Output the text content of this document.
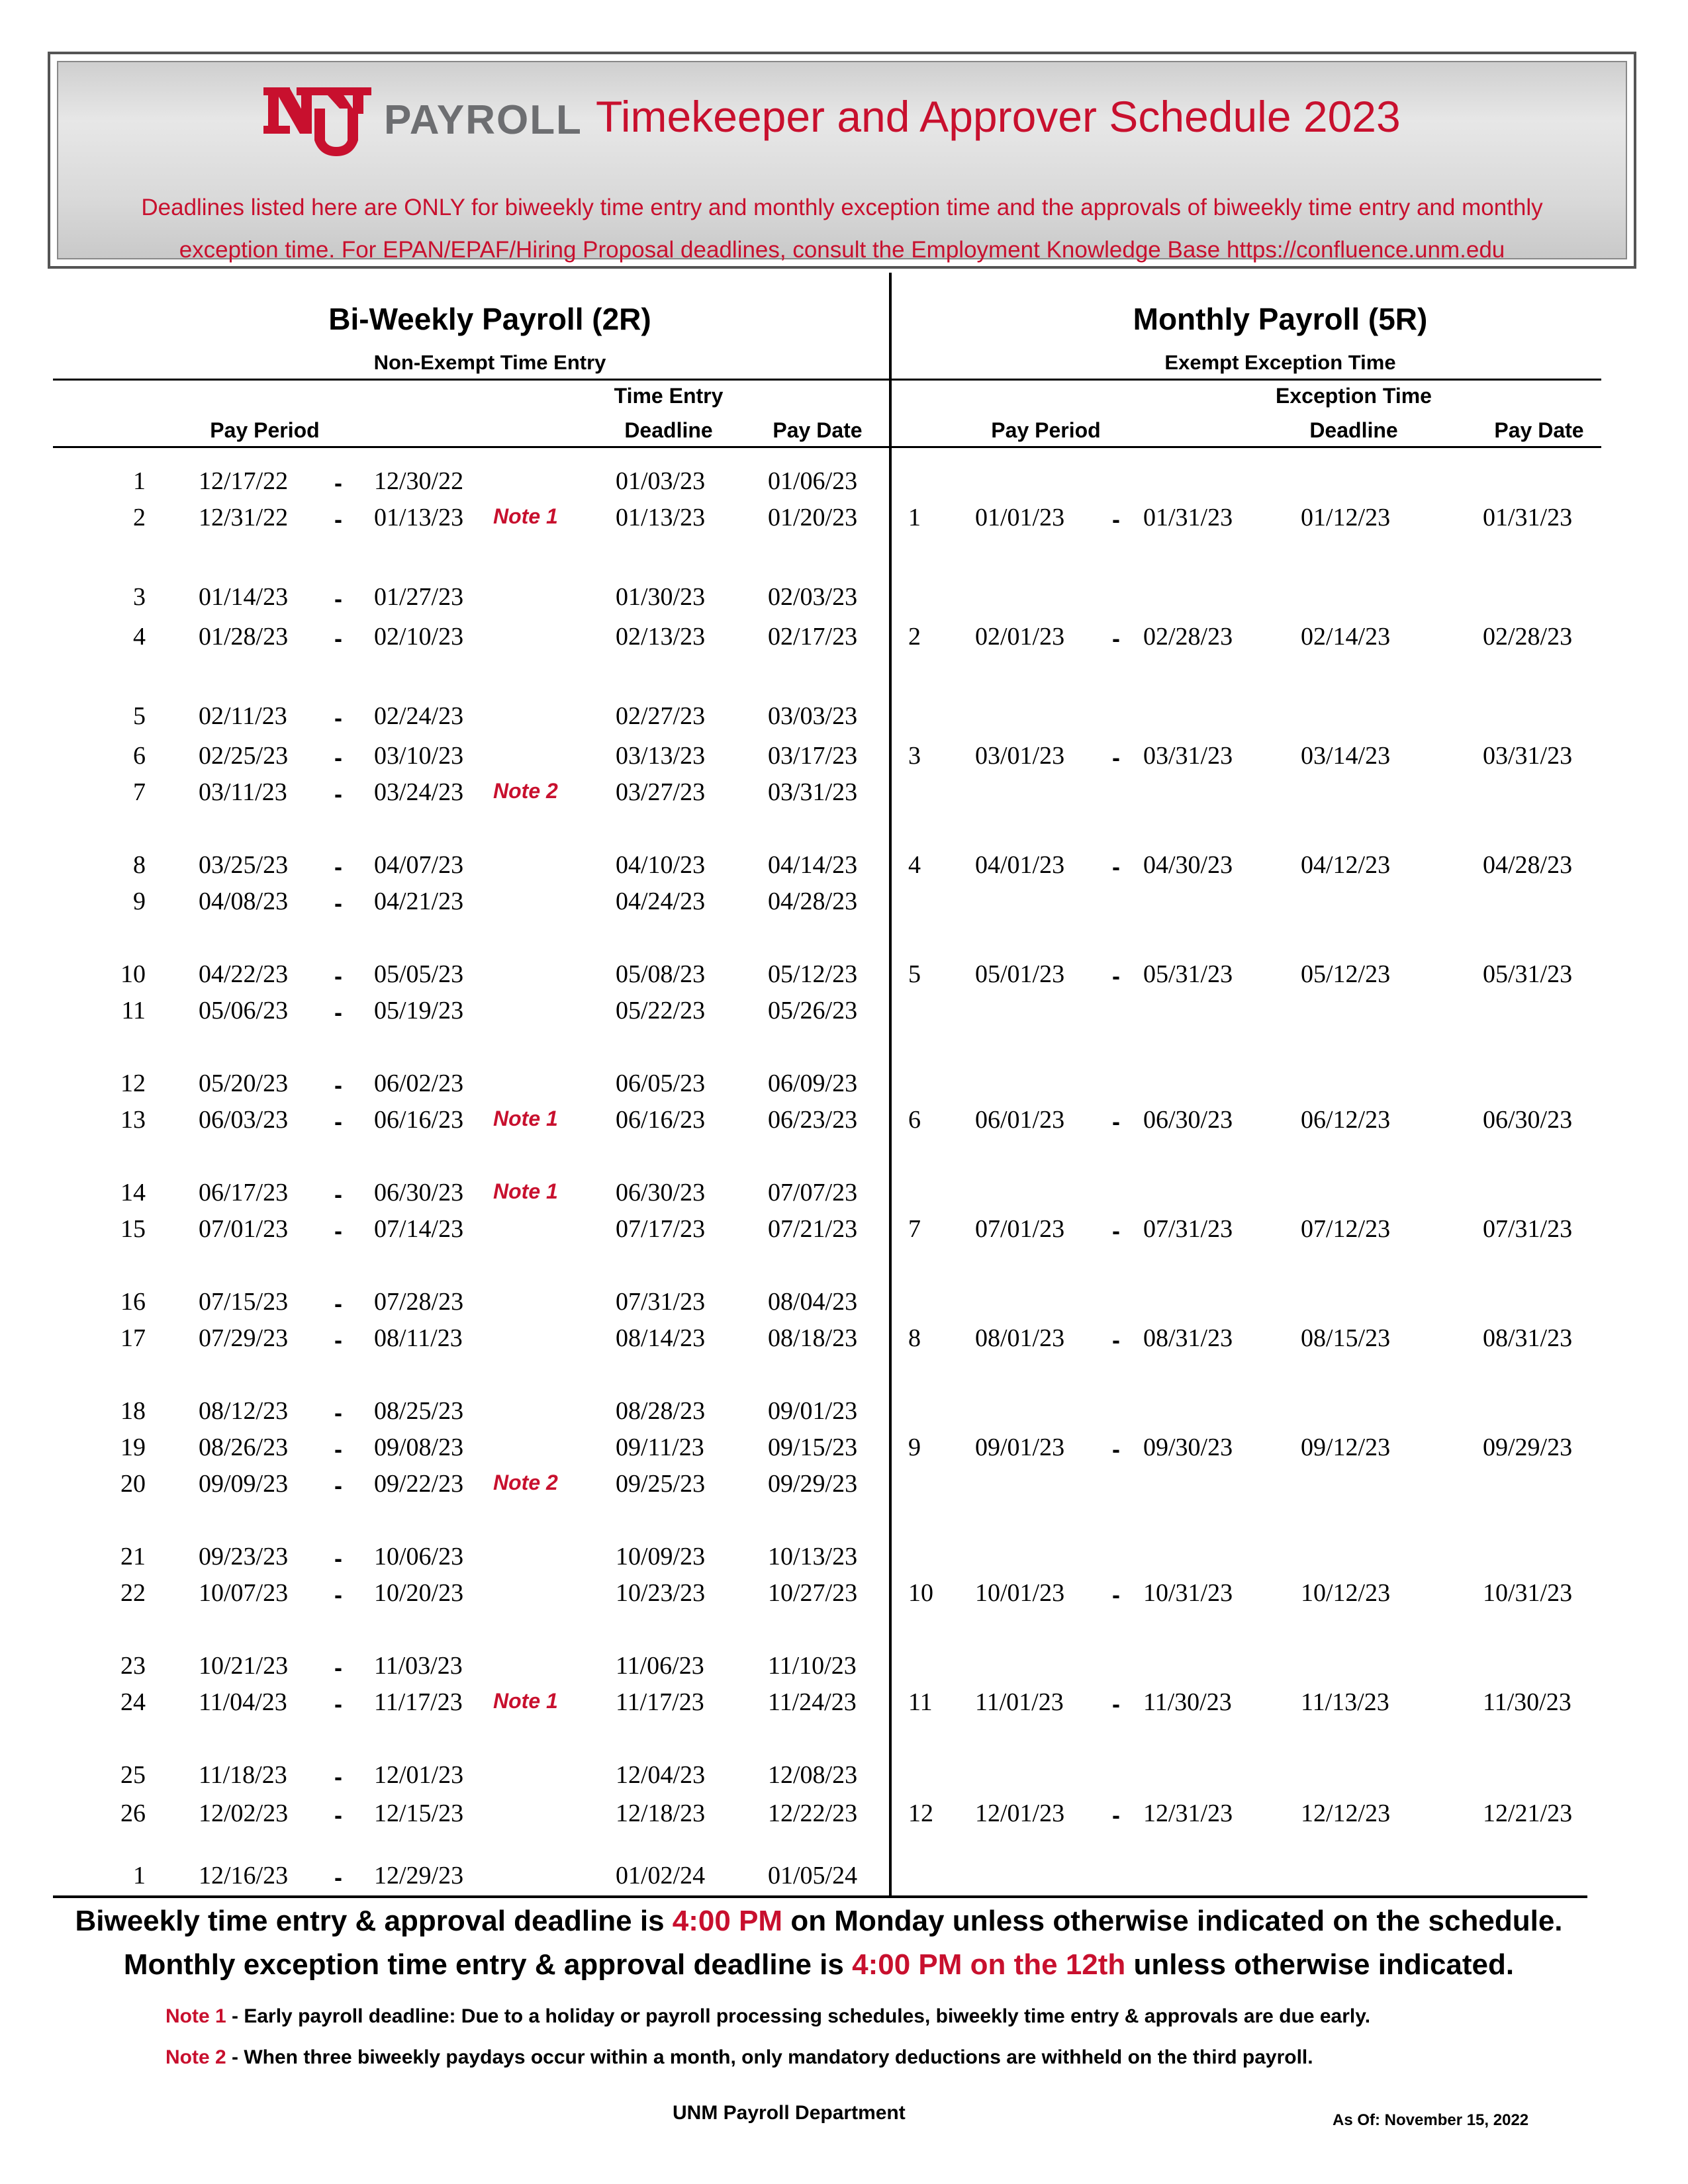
PAYROLL Timekeeper and Approver Schedule 2023
Deadlines listed here are ONLY for biweekly time entry and monthly exception time and the approvals of biweekly time entry and monthly
exception time. For EPAN/EPAF/Hiring Proposal deadlines, consult the Employment Knowledge Base https://confluence.unm.edu
Bi-Weekly Payroll (2R)
Non-Exempt Time Entry
Monthly Payroll (5R)
Exempt Exception Time
Pay Period
Time Entry
Deadline	Pay Date	Pay Period
Exception Time
Deadline	Pay Date
1 12/17/22 - 12/30/22	01/03/23 01/06/23
2 12/31/22 - 01/13/23 Note 1 01/13/23 01/20/23
3 01/14/23 - 01/27/23	01/30/23 02/03/23
4 01/28/23 - 02/10/23	02/13/23 02/17/23
5 02/11/23 - 02/24/23	02/27/23 03/03/23
6 02/25/23 - 03/10/23	03/13/23 03/17/23
7 03/11/23 - 03/24/23 Note 2 03/27/23 03/31/23
8 03/25/23 - 04/07/23	04/10/23 04/14/23
9 04/08/23 - 04/21/23	04/24/23 04/28/23
10 04/22/23 - 05/05/23	05/08/23 05/12/23
11 05/06/23 - 05/19/23	05/22/23 05/26/23
12 05/20/23 - 06/02/23	06/05/23 06/09/23
13 06/03/23 - 06/16/23 Note 1 06/16/23 06/23/23
14 06/17/23 - 06/30/23 Note 1 06/30/23 07/07/23
15 07/01/23 - 07/14/23	07/17/23 07/21/23
16 07/15/23 - 07/28/23	07/31/23 08/04/23
17 07/29/23 - 08/11/23	08/14/23 08/18/23
18 08/12/23 - 08/25/23	08/28/23 09/01/23
19 08/26/23 - 09/08/23	09/11/23	09/15/23
20 09/09/23 - 09/22/23 Note 2 09/25/23 09/29/23
21 09/23/23 - 10/06/23	10/09/23 10/13/23
22 10/07/23 - 10/20/23	10/23/23 10/27/23
23 10/21/23 - 11/03/23	11/06/23	11/10/23
24 11/04/23 - 11/17/23 Note 1 11/17/23	11/24/23
25 11/18/23 - 12/01/23	12/04/23 12/08/23
26 12/02/23 - 12/15/23	12/18/23 12/22/23
1 12/16/23 - 12/29/23	01/02/24 01/05/24
1 01/01/23 - 01/31/23	01/12/23	01/31/23
2 02/01/23 - 02/28/23	02/14/23	02/28/23
3 03/01/23 - 03/31/23	03/14/23	03/31/23
4 04/01/23 - 04/30/23	04/12/23	04/28/23
5 05/01/23 - 05/31/23	05/12/23	05/31/23
6 06/01/23 - 06/30/23	06/12/23	06/30/23
7 07/01/23 - 07/31/23	07/12/23	07/31/23
8 08/01/23 - 08/31/23	08/15/23	08/31/23
9 09/01/23 - 09/30/23	09/12/23	09/29/23
10 10/01/23 - 10/31/23	10/12/23	10/31/23
11 11/01/23 - 11/30/23	11/13/23	11/30/23
12 12/01/23 - 12/31/23	12/12/23	12/21/23
Biweekly time entry & approval deadline is 4:00 PM on Monday unless otherwise indicated on the schedule.
Monthly exception time entry & approval deadline is 4:00 PM on the 12th unless otherwise indicated.
Note 1 - Early payroll deadline: Due to a holiday or payroll processing schedules, biweekly time entry & approvals are due early.
Note 2 - When three biweekly paydays occur within a month, only mandatory deductions are withheld on the third payroll.
UNM Payroll Department	As Of: November 15, 2022
